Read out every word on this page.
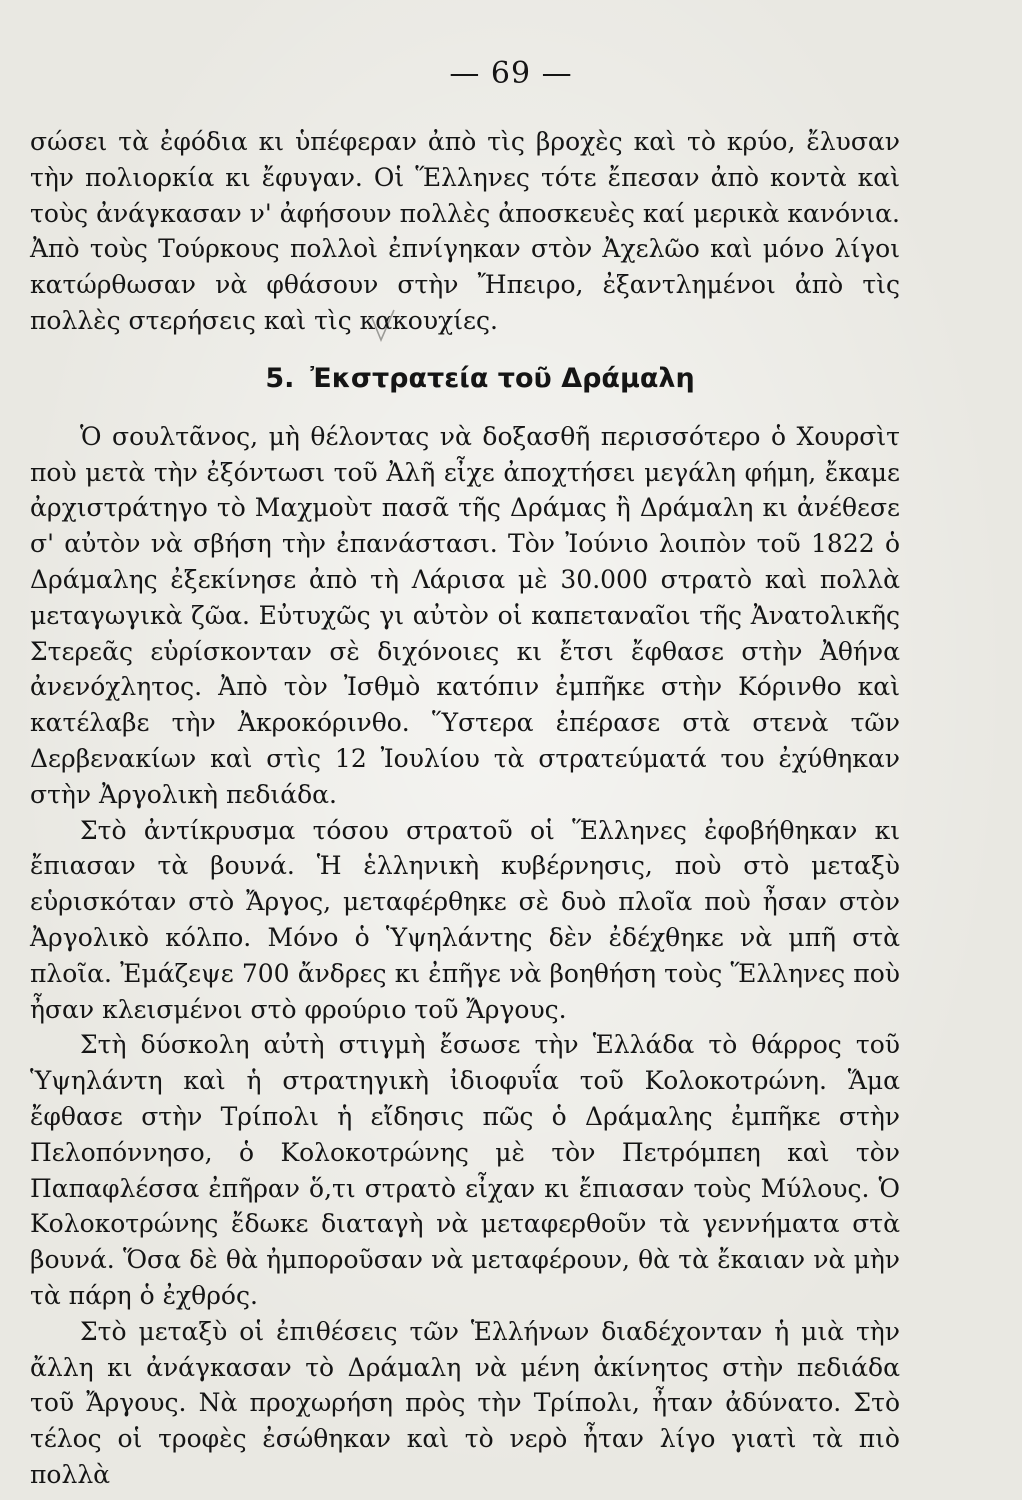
— 69 —

σώσει τὰ ἐφόδια κι ὑπέφεραν ἀπὸ τὶς βροχὲς καὶ τὸ κρύο, ἔλυσαν τὴν πολιορκία κι ἔφυγαν. Οἱ Ἕλληνες τότε ἔπεσαν ἀπὸ κοντὰ καὶ τοὺς ἀνάγκασαν ν' ἀφήσουν πολλὲς ἀποσκευὲς καί μερικὰ κανόνια. Ἀπὸ τοὺς Τούρκους πολλοὶ ἐπνίγηκαν στὸν Ἀχελῶο καὶ μόνο λίγοι κατώρθωσαν νὰ φθάσουν στὴν Ἤπειρο, ἐξαντλημένοι ἀπὸ τὶς πολλὲς στερήσεις καὶ τὶς κακουχίες.

5. Ἐκστρατεία τοῦ Δράμαλη

Ὁ σουλτᾶνος, μὴ θέλοντας νὰ δοξασθῆ περισσότερο ὁ Χουρσὶτ ποὺ μετὰ τὴν ἐξόντωσι τοῦ Ἀλῆ εἶχε ἀποχτήσει μεγάλη φήμη, ἔκαμε ἀρχιστράτηγο τὸ Μαχμοὺτ πασᾶ τῆς Δράμας ἢ Δράμαλη κι ἀνέθεσε σ' αὐτὸν νὰ σβήση τὴν ἐπανάστασι. Τὸν Ἰούνιο λοιπὸν τοῦ 1822 ὁ Δράμαλης ἐξεκίνησε ἀπὸ τὴ Λάρισα μὲ 30.000 στρατὸ καὶ πολλὰ μεταγωγικὰ ζῶα. Εὐτυχῶς γι αὐτὸν οἱ καπεταναῖοι τῆς Ἀνατολικῆς Στερεᾶς εὑρίσκονταν σὲ διχόνοιες κι ἔτσι ἔφθασε στὴν Ἀθήνα ἀνενόχλητος. Ἀπὸ τὸν Ἰσθμὸ κατόπιν ἐμπῆκε στὴν Κόρινθο καὶ κατέλαβε τὴν Ἀκροκόρινθο. Ὕστερα ἐπέρασε στὰ στενὰ τῶν Δερβενακίων καὶ στὶς 12 Ἰουλίου τὰ στρατεύματά του ἐχύθηκαν στὴν Ἀργολικὴ πεδιάδα.

Στὸ ἀντίκρυσμα τόσου στρατοῦ οἱ Ἕλληνες ἐφοβήθηκαν κι ἔπιασαν τὰ βουνά. Ἡ ἑλληνικὴ κυβέρνησις, ποὺ στὸ μεταξὺ εὑρισκόταν στὸ Ἄργος, μεταφέρθηκε σὲ δυὸ πλοῖα ποὺ ἦσαν στὸν Ἀργολικὸ κόλπο. Μόνο ὁ Ὑψηλάντης δὲν ἐδέχθηκε νὰ μπῆ στὰ πλοῖα. Ἐμάζεψε 700 ἄνδρες κι ἐπῆγε νὰ βοηθήση τοὺς Ἕλληνες ποὺ ἦσαν κλεισμένοι στὸ φρούριο τοῦ Ἄργους.

Στὴ δύσκολη αὐτὴ στιγμὴ ἔσωσε τὴν Ἑλλάδα τὸ θάρρος τοῦ Ὑψηλάντη καὶ ἡ στρατηγικὴ ἰδιοφυΐα τοῦ Κολοκοτρώνη. Ἅμα ἔφθασε στὴν Τρίπολι ἡ εἴδησις πῶς ὁ Δράμαλης ἐμπῆκε στὴν Πελοπόννησο, ὁ Κολοκοτρώνης μὲ τὸν Πετρόμπεη καὶ τὸν Παπαφλέσσα ἐπῆραν ὅ,τι στρατὸ εἶχαν κι ἔπιασαν τοὺς Μύλους. Ὁ Κολοκοτρώνης ἔδωκε διαταγὴ νὰ μεταφερθοῦν τὰ γεννήματα στὰ βουνά. Ὅσα δὲ θὰ ἠμποροῦσαν νὰ μεταφέρουν, θὰ τὰ ἔκαιαν νὰ μὴν τὰ πάρη ὁ ἐχθρός.

Στὸ μεταξὺ οἱ ἐπιθέσεις τῶν Ἑλλήνων διαδέχονταν ἡ μιὰ τὴν ἄλλη κι ἀνάγκασαν τὸ Δράμαλη νὰ μένη ἀκίνητος στὴν πεδιάδα τοῦ Ἄργους. Νὰ προχωρήση πρὸς τὴν Τρίπολι, ἦταν ἀδύνατο. Στὸ τέλος οἱ τροφὲς ἐσώθηκαν καὶ τὸ νερὸ ἦταν λίγο γιατὶ τὰ πιὸ πολλὰ
